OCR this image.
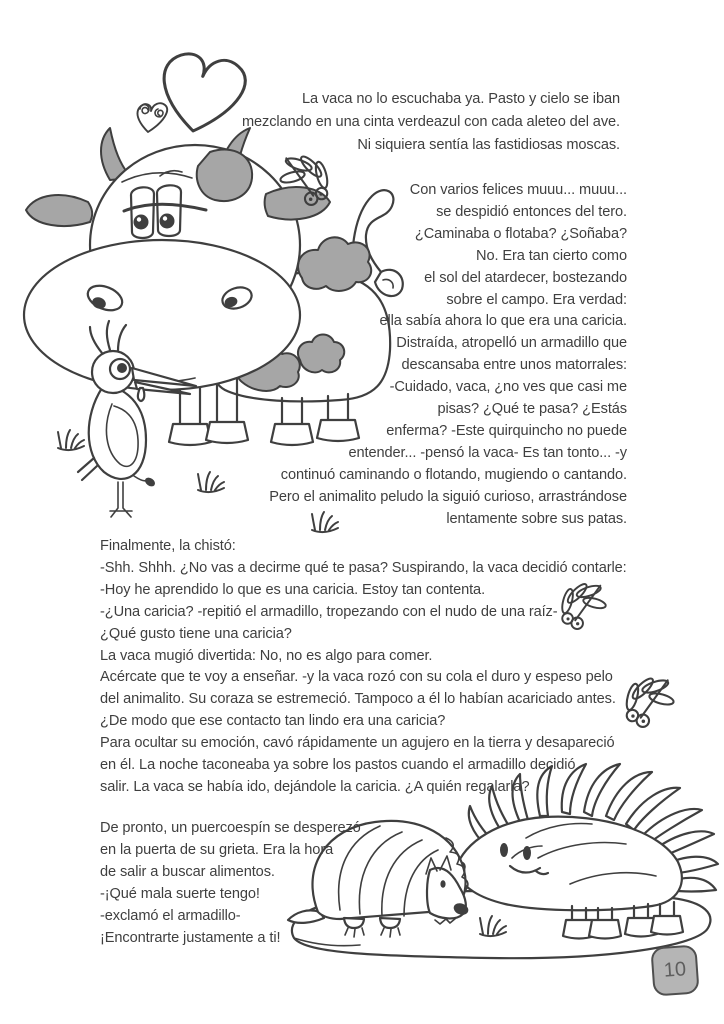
La vaca no lo escuchaba ya. Pasto y cielo se iban
mezclando en una cinta verdeazul con cada aleteo del ave.
Ni siquiera sentía las fastidiosas moscas.
Con varios felices muuu... muuu...
se despidió entonces del tero.
¿Caminaba o flotaba? ¿Soñaba?
No. Era tan cierto como
el sol del atardecer, bostezando
sobre el campo. Era verdad:
ella sabía ahora lo que era una caricia.
Distraída, atropelló un armadillo que
descansaba entre unos matorrales:
-Cuidado, vaca, ¿no ves que casi me
pisas? ¿Qué te pasa? ¿Estás
enferma? -Este quirquincho no puede
entender... -pensó la vaca- Es tan tonto... -y
continuó caminando o flotando, mugiendo o cantando.
Pero el animalito peludo la siguió curioso, arrastrándose
lentamente sobre sus patas.
Finalmente, la chistó:
-Shh. Shhh. ¿No vas a decirme qué te pasa? Suspirando, la vaca decidió contarle:
-Hoy he aprendido lo que es una caricia. Estoy tan contenta.
-¿Una caricia? -repitió el armadillo, tropezando con el nudo de una raíz-
¿Qué gusto tiene una caricia?
La vaca mugió divertida: No, no es algo para comer.
Acércate que te voy a enseñar. -y la vaca rozó con su cola el duro y espeso pelo
del animalito. Su coraza se estremeció. Tampoco a él lo habían acariciado antes.
¿De modo que ese contacto tan lindo era una caricia?
Para ocultar su emoción, cavó rápidamente un agujero en la tierra y desapareció
en él. La noche taconeaba ya sobre los pastos cuando el armadillo decidió
salir. La vaca se había ido, dejándole la caricia. ¿A quién regalarla?
De pronto, un puercoespín se desperezó
en la puerta de su grieta. Era la hora
de salir a buscar alimentos.
-¡Qué mala suerte tengo!
-exclamó el armadillo-
¡Encontrarte justamente a ti!
10
